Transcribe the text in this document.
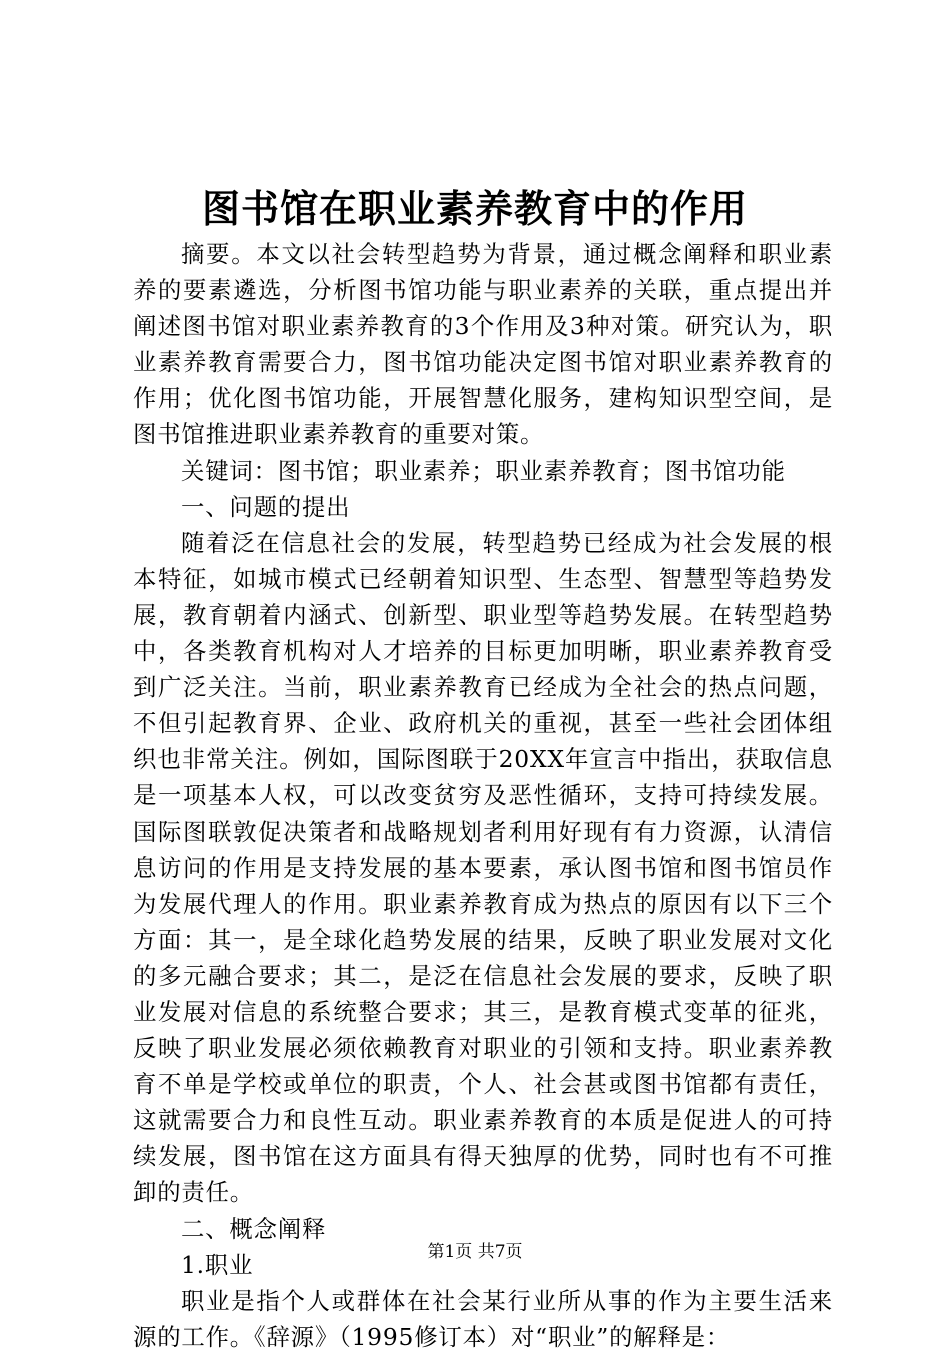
图书馆在职业素养教育中的作用

摘要。本文以社会转型趋势为背景，通过概念阐释和职业素养的要素遴选，分析图书馆功能与职业素养的关联，重点提出并阐述图书馆对职业素养教育的3个作用及3种对策。研究认为，职业素养教育需要合力，图书馆功能决定图书馆对职业素养教育的作用；优化图书馆功能，开展智慧化服务，建构知识型空间，是图书馆推进职业素养教育的重要对策。

关键词：图书馆；职业素养；职业素养教育；图书馆功能

一、问题的提出

随着泛在信息社会的发展，转型趋势已经成为社会发展的根本特征，如城市模式已经朝着知识型、生态型、智慧型等趋势发展，教育朝着内涵式、创新型、职业型等趋势发展。在转型趋势中，各类教育机构对人才培养的目标更加明晰，职业素养教育受到广泛关注。当前，职业素养教育已经成为全社会的热点问题，不但引起教育界、企业、政府机关的重视，甚至一些社会团体组织也非常关注。例如，国际图联于20XX年宣言中指出，获取信息是一项基本人权，可以改变贫穷及恶性循环，支持可持续发展。国际图联敦促决策者和战略规划者利用好现有有力资源，认清信息访问的作用是支持发展的基本要素，承认图书馆和图书馆员作为发展代理人的作用。职业素养教育成为热点的原因有以下三个方面：其一，是全球化趋势发展的结果，反映了职业发展对文化的多元融合要求；其二，是泛在信息社会发展的要求，反映了职业发展对信息的系统整合要求；其三，是教育模式变革的征兆，反映了职业发展必须依赖教育对职业的引领和支持。职业素养教育不单是学校或单位的职责，个人、社会甚或图书馆都有责任，这就需要合力和良性互动。职业素养教育的本质是促进人的可持续发展，图书馆在这方面具有得天独厚的优势，同时也有不可推卸的责任。

二、概念阐释

1.职业

职业是指个人或群体在社会某行业所从事的作为主要生活来源的工作。《辞源》（1995修订本）对“职业”的解释是：

第1页 共7页
